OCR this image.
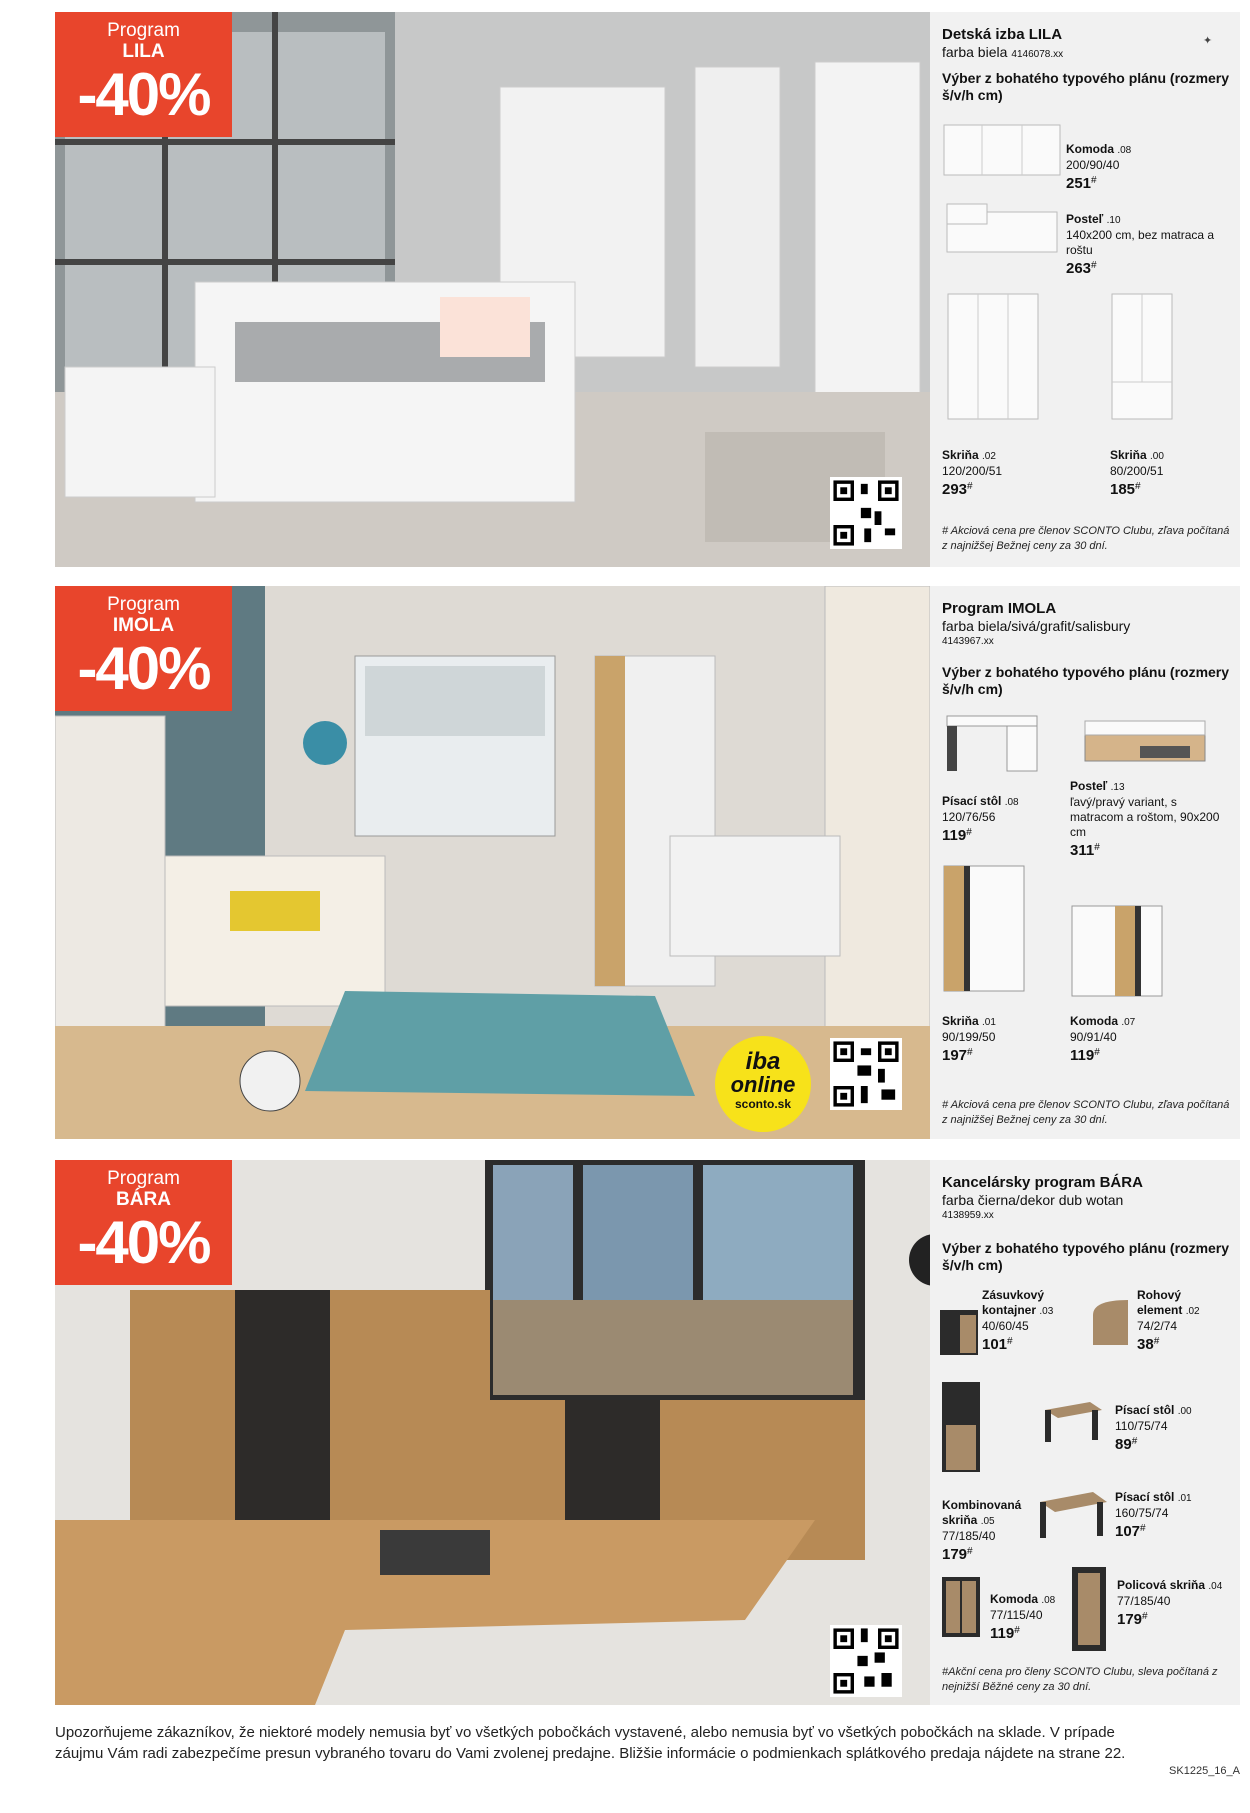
Program
LILA
-40%
Detská izba LILA
farba biela 4146078.xx
Výber z bohatého typového plánu (rozmery š/v/h cm)
Komoda .08
200/90/40
251#
Posteľ .10
140x200 cm, bez matraca a roštu
263#
Skriňa .02
120/200/51
293#
Skriňa .00
80/200/51
185#
# Akciová cena pre členov SCONTO Clubu, zľava počítaná z najnižšej Bežnej ceny za 30 dní.
Program
IMOLA
-40%
iba
online
sconto.sk
Program IMOLA
farba biela/sivá/grafit/salisbury
4143967.xx
Výber z bohatého typového plánu (rozmery š/v/h cm)
Písací stôl .08
120/76/56
119#
Posteľ .13
ľavý/pravý variant, s matracom a roštom, 90x200 cm
311#
Skriňa .01
90/199/50
197#
Komoda .07
90/91/40
119#
# Akciová cena pre členov SCONTO Clubu, zľava počítaná z najnižšej Bežnej ceny za 30 dní.
Program
BÁRA
-40%
Kancelársky program BÁRA
farba čierna/dekor dub wotan
4138959.xx
Výber z bohatého typového plánu (rozmery š/v/h cm)
Zásuvkový kontajner .03
40/60/45
101#
Rohový element .02
74/2/74
38#
Kombinovaná skriňa .05
77/185/40
179#
Písací stôl .00
110/75/74
89#
Písací stôl .01
160/75/74
107#
Komoda .08
77/115/40
119#
Policová skriňa .04
77/185/40
179#
#Akční cena pro členy SCONTO Clubu, sleva počítaná z nejnižší Běžné ceny za 30 dní.
✦
Upozorňujeme zákazníkov, že niektoré modely nemusia byť vo všetkých pobočkách vystavené, alebo nemusia byť vo všetkých pobočkách na sklade. V prípade záujmu Vám radi zabezpečíme presun vybraného tovaru do Vami zvolenej predajne. Bližšie informácie o podmienkach splátkového predaja nájdete na strane 22.
SK1225_16_A
